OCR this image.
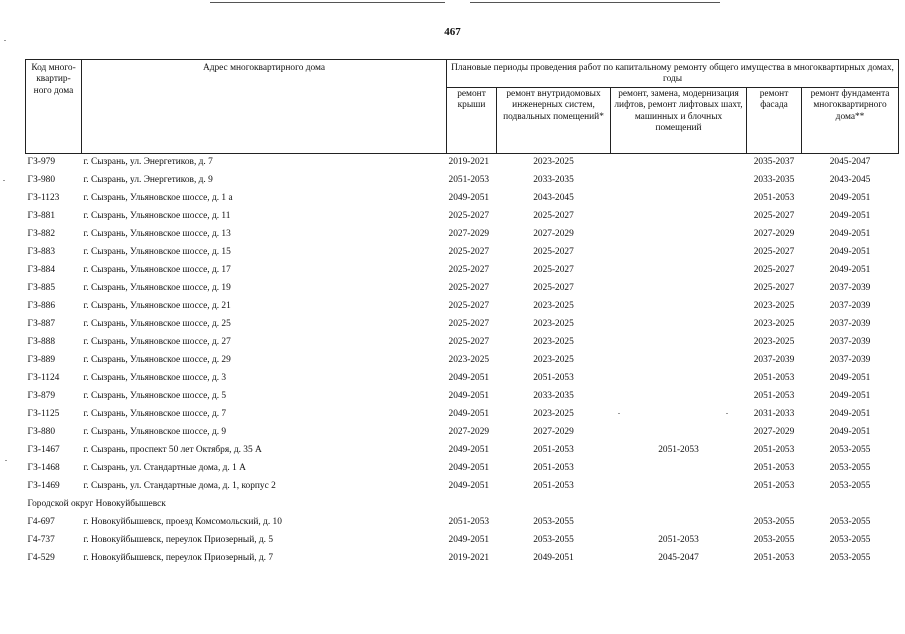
467
Код много-квартир-ного дома	Адрес многоквартирного дома	Плановые периоды проведения работ по капитальному ремонту общего имущества в многоквартирных домах, годы				
		ремонт крыши	ремонт внутридомовых инженерных систем, подвальных помещений*	ремонт, замена, модернизация лифтов, ремонт лифтовых шахт, машинных и блочных помещений	ремонт фасада	ремонт фундамента многоквартирного дома**
ГЗ-979	г. Сызрань, ул. Энергетиков, д. 7	2019-2021	2023-2025		2035-2037	2045-2047
ГЗ-980	г. Сызрань, ул. Энергетиков, д. 9	2051-2053	2033-2035		2033-2035	2043-2045
ГЗ-1123	г. Сызрань, Ульяновское шоссе, д. 1 а	2049-2051	2043-2045		2051-2053	2049-2051
ГЗ-881	г. Сызрань, Ульяновское шоссе, д. 11	2025-2027	2025-2027		2025-2027	2049-2051
ГЗ-882	г. Сызрань, Ульяновское шоссе, д. 13	2027-2029	2027-2029		2027-2029	2049-2051
ГЗ-883	г. Сызрань, Ульяновское шоссе, д. 15	2025-2027	2025-2027		2025-2027	2049-2051
ГЗ-884	г. Сызрань, Ульяновское шоссе, д. 17	2025-2027	2025-2027		2025-2027	2049-2051
ГЗ-885	г. Сызрань, Ульяновское шоссе, д. 19	2025-2027	2025-2027		2025-2027	2037-2039
ГЗ-886	г. Сызрань, Ульяновское шоссе, д. 21	2025-2027	2023-2025		2023-2025	2037-2039
ГЗ-887	г. Сызрань, Ульяновское шоссе, д. 25	2025-2027	2023-2025		2023-2025	2037-2039
ГЗ-888	г. Сызрань, Ульяновское шоссе, д. 27	2025-2027	2023-2025		2023-2025	2037-2039
ГЗ-889	г. Сызрань, Ульяновское шоссе, д. 29	2023-2025	2023-2025		2037-2039	2037-2039
ГЗ-1124	г. Сызрань, Ульяновское шоссе, д. 3	2049-2051	2051-2053		2051-2053	2049-2051
ГЗ-879	г. Сызрань, Ульяновское шоссе, д. 5	2049-2051	2033-2035		2051-2053	2049-2051
ГЗ-1125	г. Сызрань, Ульяновское шоссе, д. 7	2049-2051	2023-2025		2031-2033	2049-2051
ГЗ-880	г. Сызрань, Ульяновское шоссе, д. 9	2027-2029	2027-2029		2027-2029	2049-2051
ГЗ-1467	г. Сызрань, проспект 50 лет Октября, д. 35 А	2049-2051	2051-2053	2051-2053	2051-2053	2053-2055
ГЗ-1468	г. Сызрань, ул. Стандартные дома, д. 1 А	2049-2051	2051-2053		2051-2053	2053-2055
ГЗ-1469	г. Сызрань, ул. Стандартные дома, д. 1, корпус 2	2049-2051	2051-2053		2051-2053	2053-2055
Городской округ Новокуйбышевск						
Г4-697	г. Новокуйбышевск, проезд Комсомольский, д. 10	2051-2053	2053-2055		2053-2055	2053-2055
Г4-737	г. Новокуйбышевск, переулок Приозерный, д. 5	2049-2051	2053-2055	2051-2053	2053-2055	2053-2055
Г4-529	г. Новокуйбышевск, переулок Приозерный, д. 7	2019-2021	2049-2051	2045-2047	2051-2053	2053-2055
